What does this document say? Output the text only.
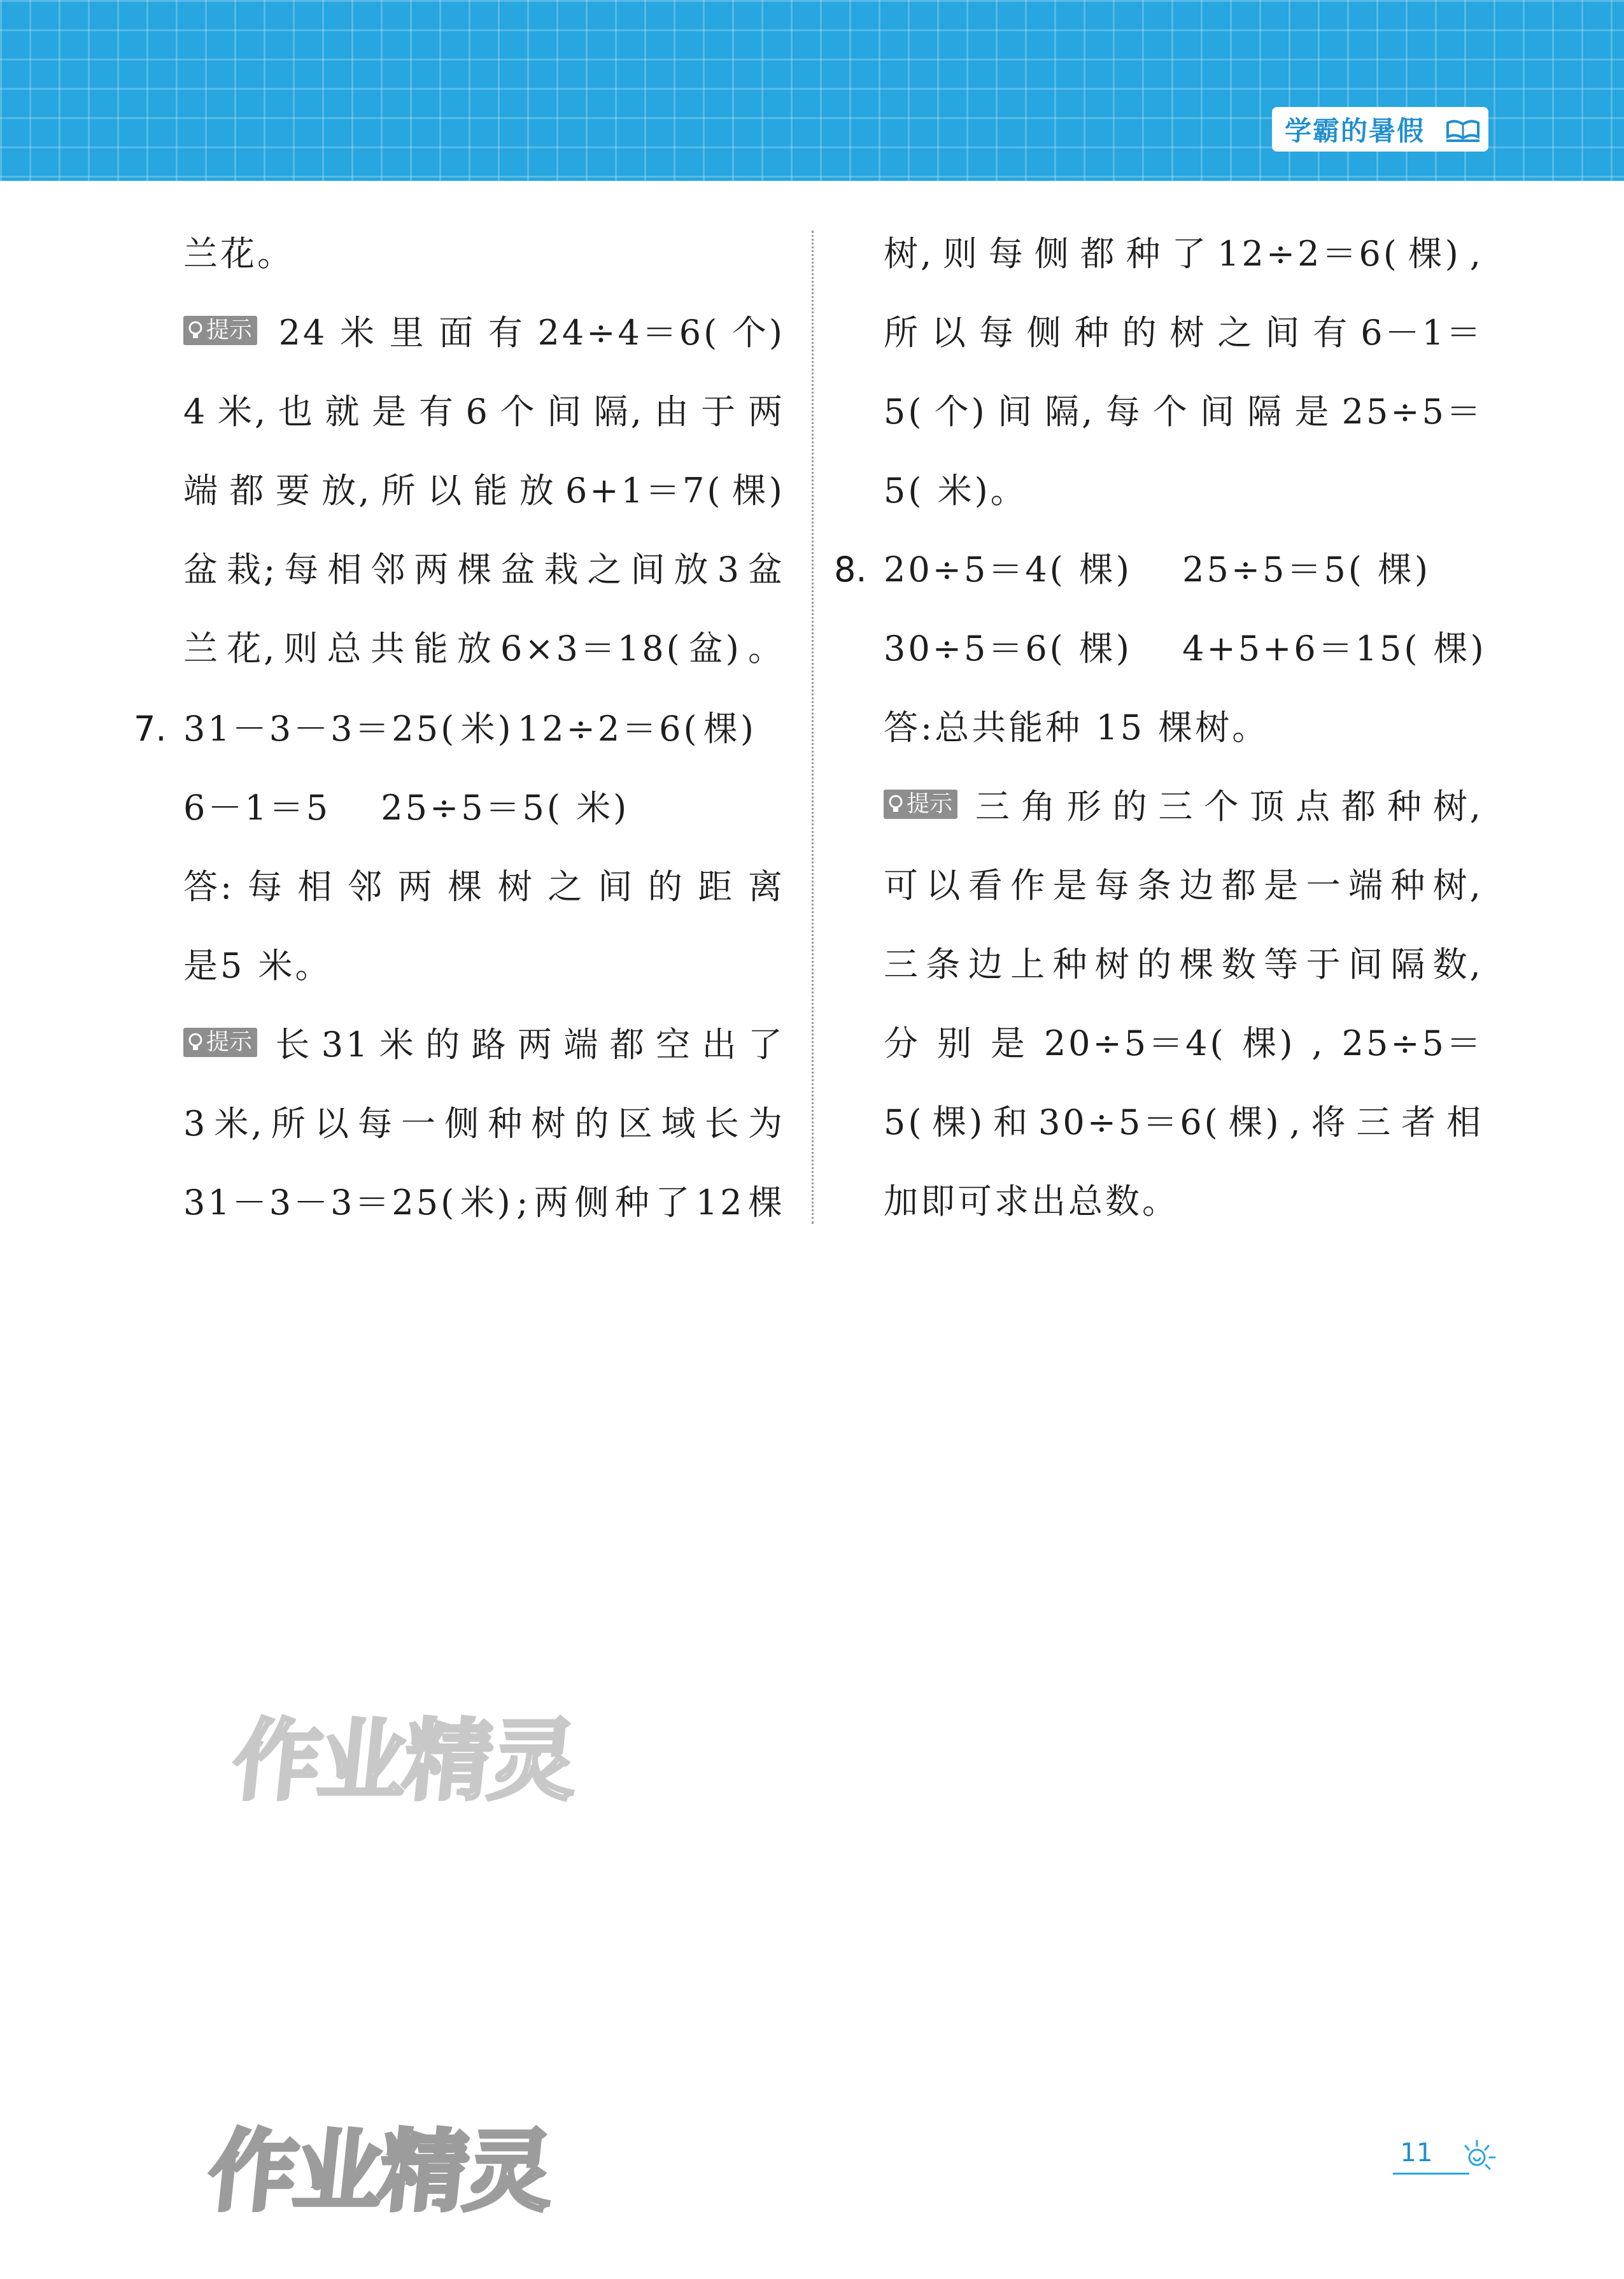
学霸的暑假
兰花。
提示 24 米 里 面 有 24÷4＝6( 个)
4 米, 也 就 是 有 6 个 间 隔, 由 于 两
端 都 要 放, 所 以 能 放 6+1＝7( 棵)
盆 栽; 每 相 邻 两 棵 盆 栽 之 间 放 3 盆
兰 花, 则 总 共 能 放 6×3＝18( 盆) 。
7. 31－3－3＝25( 米) 12÷2＝6( 棵)
6－1＝5　 25÷5＝5( 米)
答: 每 相 邻 两 棵 树 之 间 的 距 离
是5 米。
提示 长 31 米 的 路 两 端 都 空 出 了
3 米, 所 以 每 一 侧 种 树 的 区 域 长 为
31－3－3＝25( 米) ; 两 侧 种 了 12 棵
树, 则 每 侧 都 种 了 12÷2＝6( 棵) ,
所 以 每 侧 种 的 树 之 间 有 6－1＝
5( 个) 间 隔, 每 个 间 隔 是 25÷5＝
5( 米)。
8. 20÷5＝4( 棵)　 25÷5＝5( 棵)
30÷5＝6( 棵)　 4+5+6＝15( 棵)
答:总共能种 15 棵树。
提示 三 角 形 的 三 个 顶 点 都 种 树,
可 以 看 作 是 每 条 边 都 是 一 端 种 树,
三 条 边 上 种 树 的 棵 数 等 于 间 隔 数,
分 别 是 20÷5＝4( 棵) , 25÷5＝
5( 棵) 和 30÷5＝6( 棵) , 将 三 者 相
加即可求出总数。
作业精灵
作业精灵	11
